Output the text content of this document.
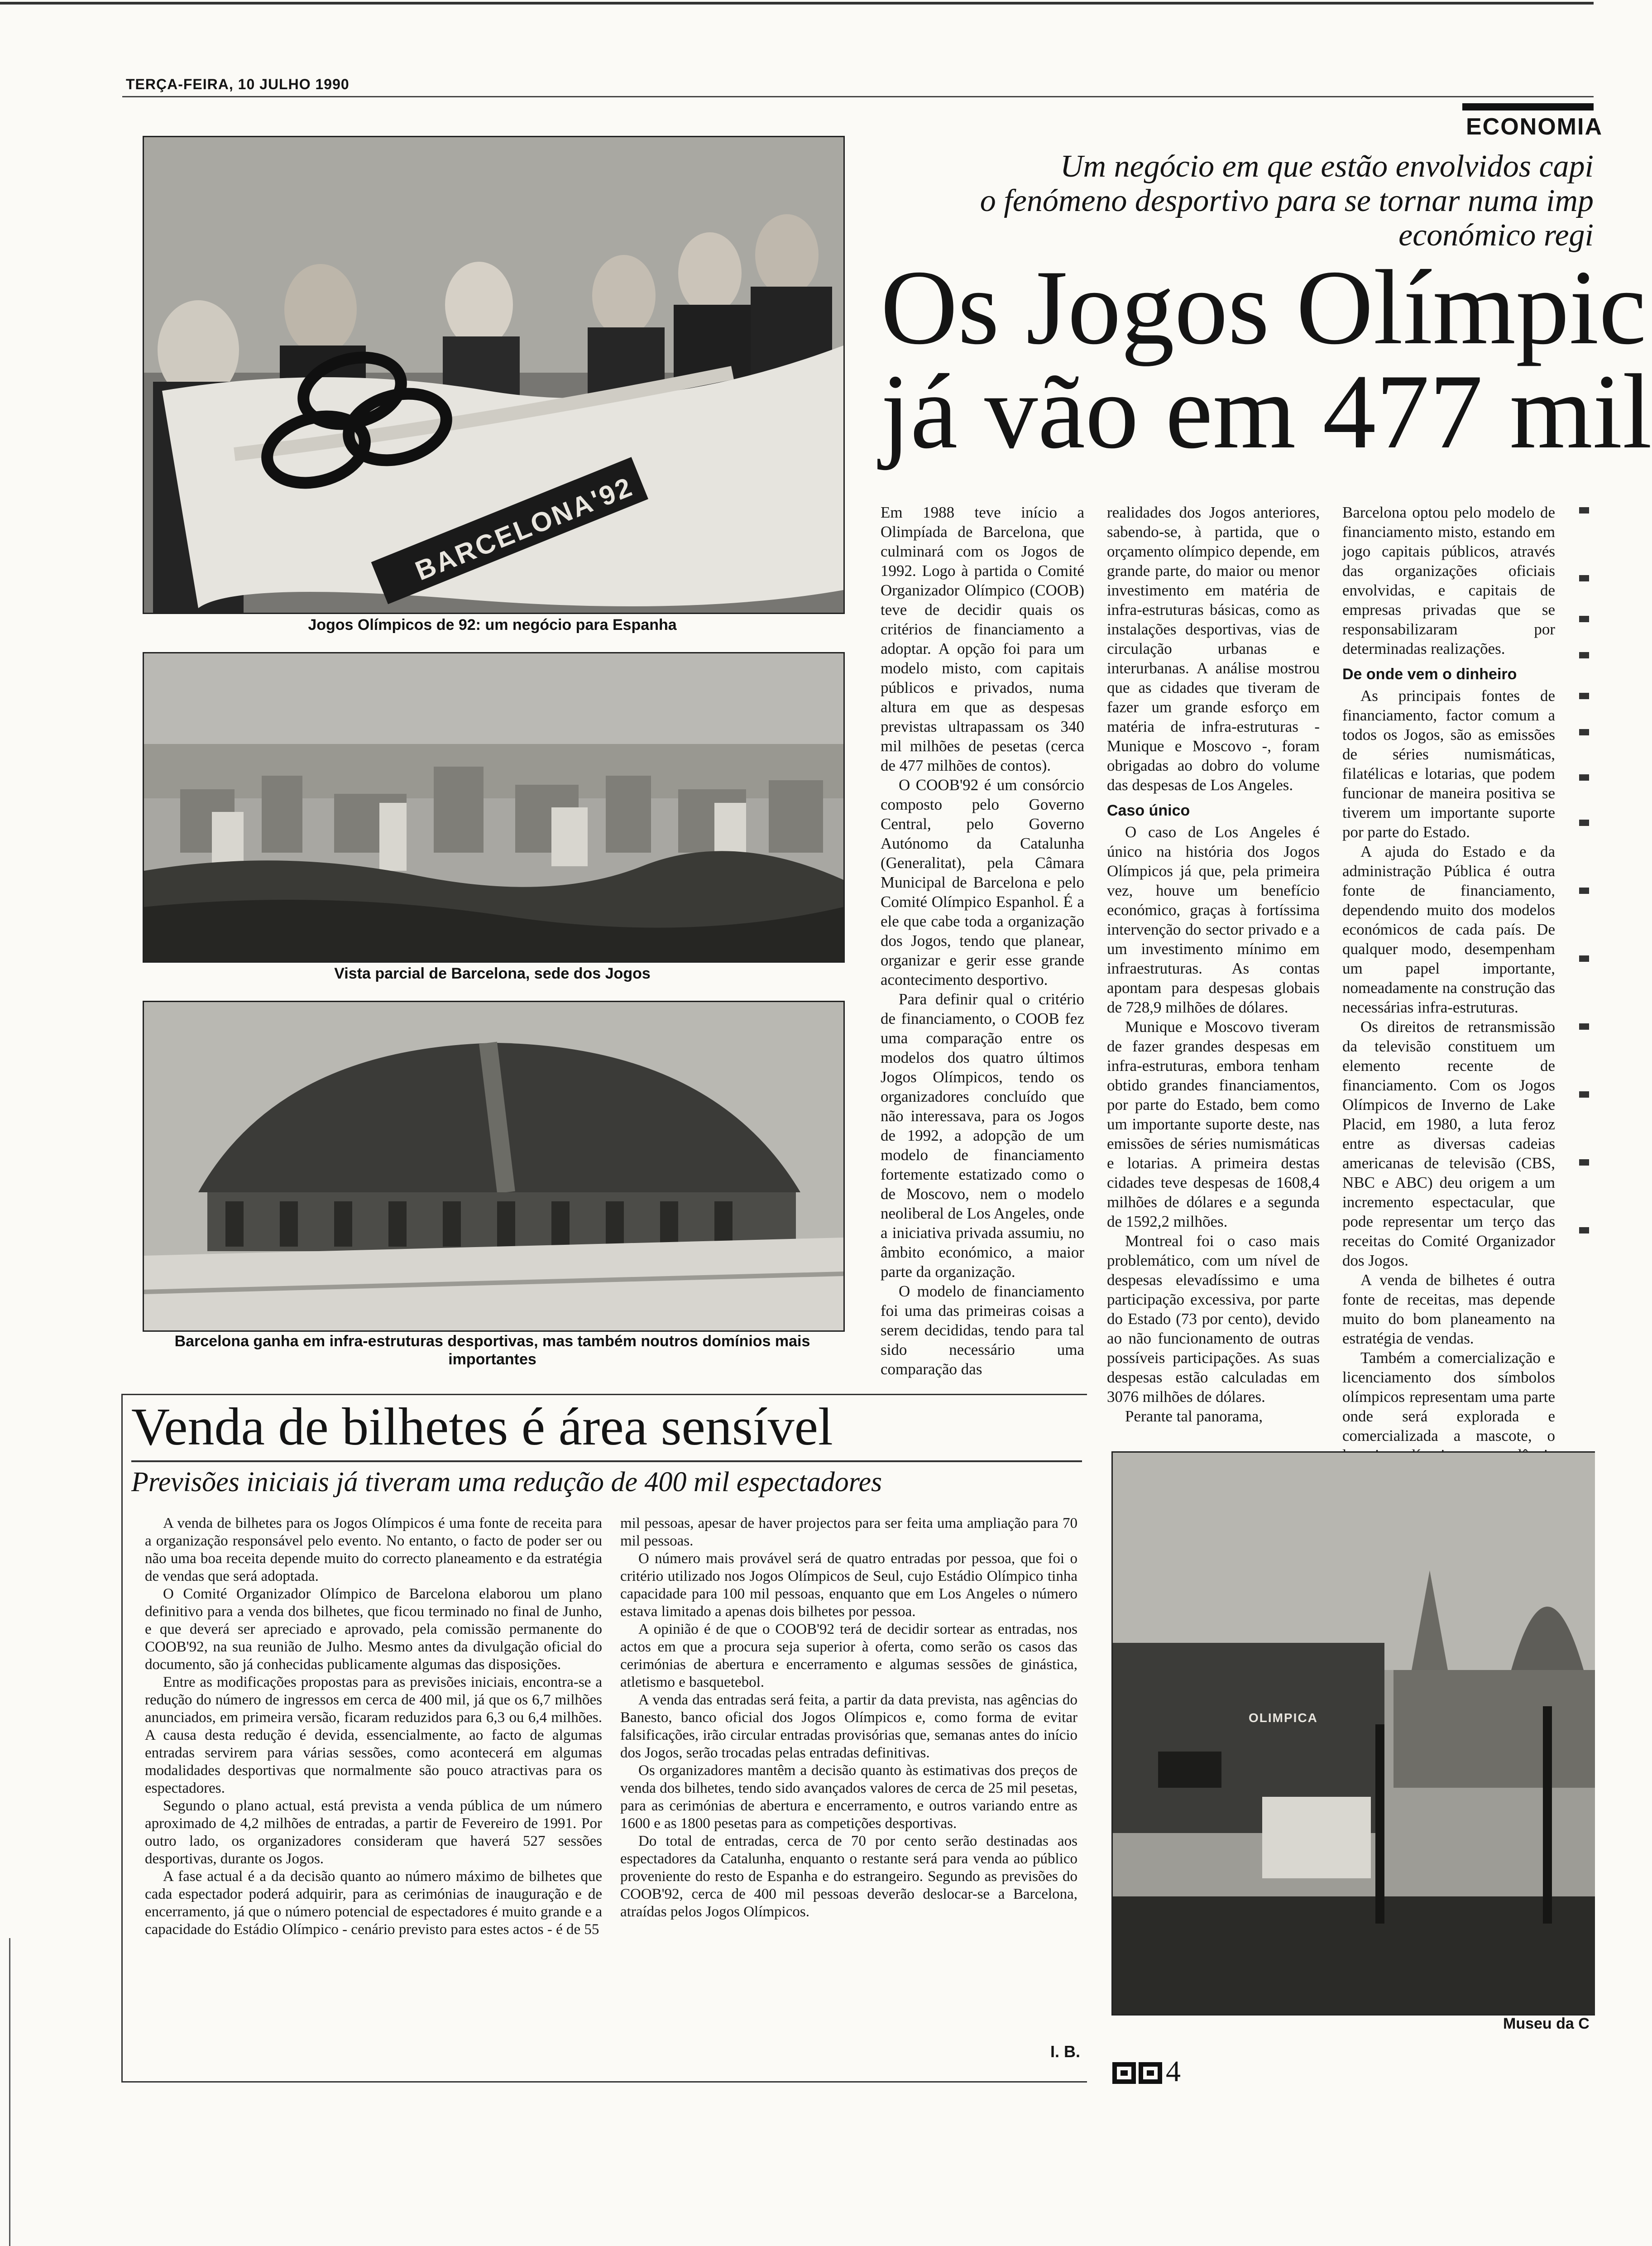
TERÇA-FEIRA, 10 JULHO 1990
ECONOMIA
Um negócio em que estão envolvidos capi
o fenómeno desportivo para se tornar numa imp
económico regi
Os Jogos Olímpic
já vão em 477 mil
BARCELONA'92
Jogos Olímpicos de 92: um negócio para Espanha
Vista parcial de Barcelona, sede dos Jogos
Barcelona ganha em infra-estruturas desportivas, mas também noutros domínios mais importantes

Em 1988 teve início a Olimpíada de Barcelona, que culminará com os Jogos de 1992. Logo à partida o Comité Organizador Olímpico (COOB) teve de decidir quais os critérios de financiamento a adoptar. A opção foi para um modelo misto, com capitais públicos e privados, numa altura em que as despesas previstas ultrapassam os 340 mil milhões de pesetas (cerca de 477 milhões de contos).

O COOB'92 é um consórcio composto pelo Governo Central, pelo Governo Autónomo da Catalunha (Generalitat), pela Câmara Municipal de Barcelona e pelo Comité Olímpico Espanhol. É a ele que cabe toda a organização dos Jogos, tendo que planear, organizar e gerir esse grande acontecimento desportivo.

Para definir qual o critério de financiamento, o COOB fez uma comparação entre os modelos dos quatro últimos Jogos Olímpicos, tendo os organizadores concluído que não interessava, para os Jogos de 1992, a adopção de um modelo de financiamento fortemente estatizado como o de Moscovo, nem o modelo neoliberal de Los Angeles, onde a iniciativa privada assumiu, no âmbito económico, a maior parte da organização.

O modelo de financiamento foi uma das primeiras coisas a serem decididas, tendo para tal sido necessário uma comparação das

realidades dos Jogos anteriores, sabendo-se, à partida, que o orçamento olímpico depende, em grande parte, do maior ou menor investimento em matéria de infra-estruturas básicas, como as instalações desportivas, vias de circulação urbanas e interurbanas. A análise mostrou que as cidades que tiveram de fazer um grande esforço em matéria de infra-estruturas - Munique e Moscovo -, foram obrigadas ao dobro do volume das despesas de Los Angeles.

Caso único

O caso de Los Angeles é único na história dos Jogos Olímpicos já que, pela primeira vez, houve um benefício económico, graças à fortíssima intervenção do sector privado e a um investimento mínimo em infraestruturas. As contas apontam para despesas globais de 728,9 milhões de dólares.

Munique e Moscovo tiveram de fazer grandes despesas em infra-estruturas, embora tenham obtido grandes financiamentos, por parte do Estado, bem como um importante suporte deste, nas emissões de séries numismáticas e lotarias. A primeira destas cidades teve despesas de 1608,4 milhões de dólares e a segunda de 1592,2 milhões.

Montreal foi o caso mais problemático, com um nível de despesas elevadíssimo e uma participação excessiva, por parte do Estado (73 por cento), devido ao não funcionamento de outras possíveis participações. As suas despesas estão calculadas em 3076 milhões de dólares.

Perante tal panorama,

Barcelona optou pelo modelo de financiamento misto, estando em jogo capitais públicos, através das organizações oficiais envolvidas, e capitais de empresas privadas que se responsabilizaram por determinadas realizações.

De onde vem o dinheiro

As principais fontes de financiamento, factor comum a todos os Jogos, são as emissões de séries numismáticas, filatélicas e lotarias, que podem funcionar de maneira positiva se tiverem um importante suporte por parte do Estado.

A ajuda do Estado e da administração Pública é outra fonte de financiamento, dependendo muito dos modelos económicos de cada país. De qualquer modo, desempenham um papel importante, nomeadamente na construção das necessárias infra-estruturas.

Os direitos de retransmissão da televisão constituem um elemento recente de financiamento. Com os Jogos Olímpicos de Inverno de Lake Placid, em 1980, a luta feroz entre as diversas cadeias americanas de televisão (CBS, NBC e ABC) deu origem a um incremento espectacular, que pode representar um terço das receitas do Comité Organizador dos Jogos.

A venda de bilhetes é outra fonte de receitas, mas depende muito do bom planeamento na estratégia de vendas.

Também a comercialização e licenciamento dos símbolos olímpicos representam uma parte onde será explorada e comercializada a mascote, o

Venda de bilhetes é área sensível
Previsões iniciais já tiveram uma redução de 400 mil espectadores

A venda de bilhetes para os Jogos Olímpicos é uma fonte de receita para a organização responsável pelo evento. No entanto, o facto de poder ser ou não uma boa receita depende muito do correcto planeamento e da estratégia de vendas que será adoptada.

O Comité Organizador Olímpico de Barcelona elaborou um plano definitivo para a venda dos bilhetes, que ficou terminado no final de Junho, e que deverá ser apreciado e aprovado, pela comissão permanente do COOB'92, na sua reunião de Julho. Mesmo antes da divulgação oficial do documento, são já conhecidas publicamente algumas das disposições.

Entre as modificações propostas para as previsões iniciais, encontra-se a redução do número de ingressos em cerca de 400 mil, já que os 6,7 milhões anunciados, em primeira versão, ficaram reduzidos para 6,3 ou 6,4 milhões. A causa desta redução é devida, essencialmente, ao facto de algumas entradas servirem para várias sessões, como acontecerá em algumas modalidades desportivas que normalmente são pouco atractivas para os espectadores.

Segundo o plano actual, está prevista a venda pública de um número aproximado de 4,2 milhões de entradas, a partir de Fevereiro de 1991. Por outro lado, os organizadores consideram que haverá 527 sessões desportivas, durante os Jogos.

A fase actual é a da decisão quanto ao número máximo de bilhetes que cada espectador poderá adquirir, para as cerimónias de inauguração e de encerramento, já que o número potencial de espectadores é muito grande e a capacidade do Estádio Olímpico - cenário previsto para estes actos - é de 55

mil pessoas, apesar de haver projectos para ser feita uma ampliação para 70 mil pessoas.

O número mais provável será de quatro entradas por pessoa, que foi o critério utilizado nos Jogos Olímpicos de Seul, cujo Estádio Olímpico tinha capacidade para 100 mil pessoas, enquanto que em Los Angeles o número estava limitado a apenas dois bilhetes por pessoa.

A opinião é de que o COOB'92 terá de decidir sortear as entradas, nos actos em que a procura seja superior à oferta, como serão os casos das cerimónias de abertura e encerramento e algumas sessões de ginástica, atletismo e basquetebol.

A venda das entradas será feita, a partir da data prevista, nas agências do Banesto, banco oficial dos Jogos Olímpicos e, como forma de evitar falsificações, irão circular entradas provisórias que, semanas antes do início dos Jogos, serão trocadas pelas entradas definitivas.

Os organizadores mantêm a decisão quanto às estimativas dos preços de venda dos bilhetes, tendo sido avançados valores de cerca de 25 mil pesetas, para as cerimónias de abertura e encerramento, e outros variando entre as 1600 e as 1800 pesetas para as competições desportivas.

Do total de entradas, cerca de 70 por cento serão destinadas aos espectadores da Catalunha, enquanto o restante será para venda ao público proveniente do resto de Espanha e do estrangeiro. Segundo as previsões do COOB'92, cerca de 400 mil pessoas deverão deslocar-se a Barcelona, atraídas pelos Jogos Olímpicos.

I. B.
OLIMPICA
Museu da C
4
